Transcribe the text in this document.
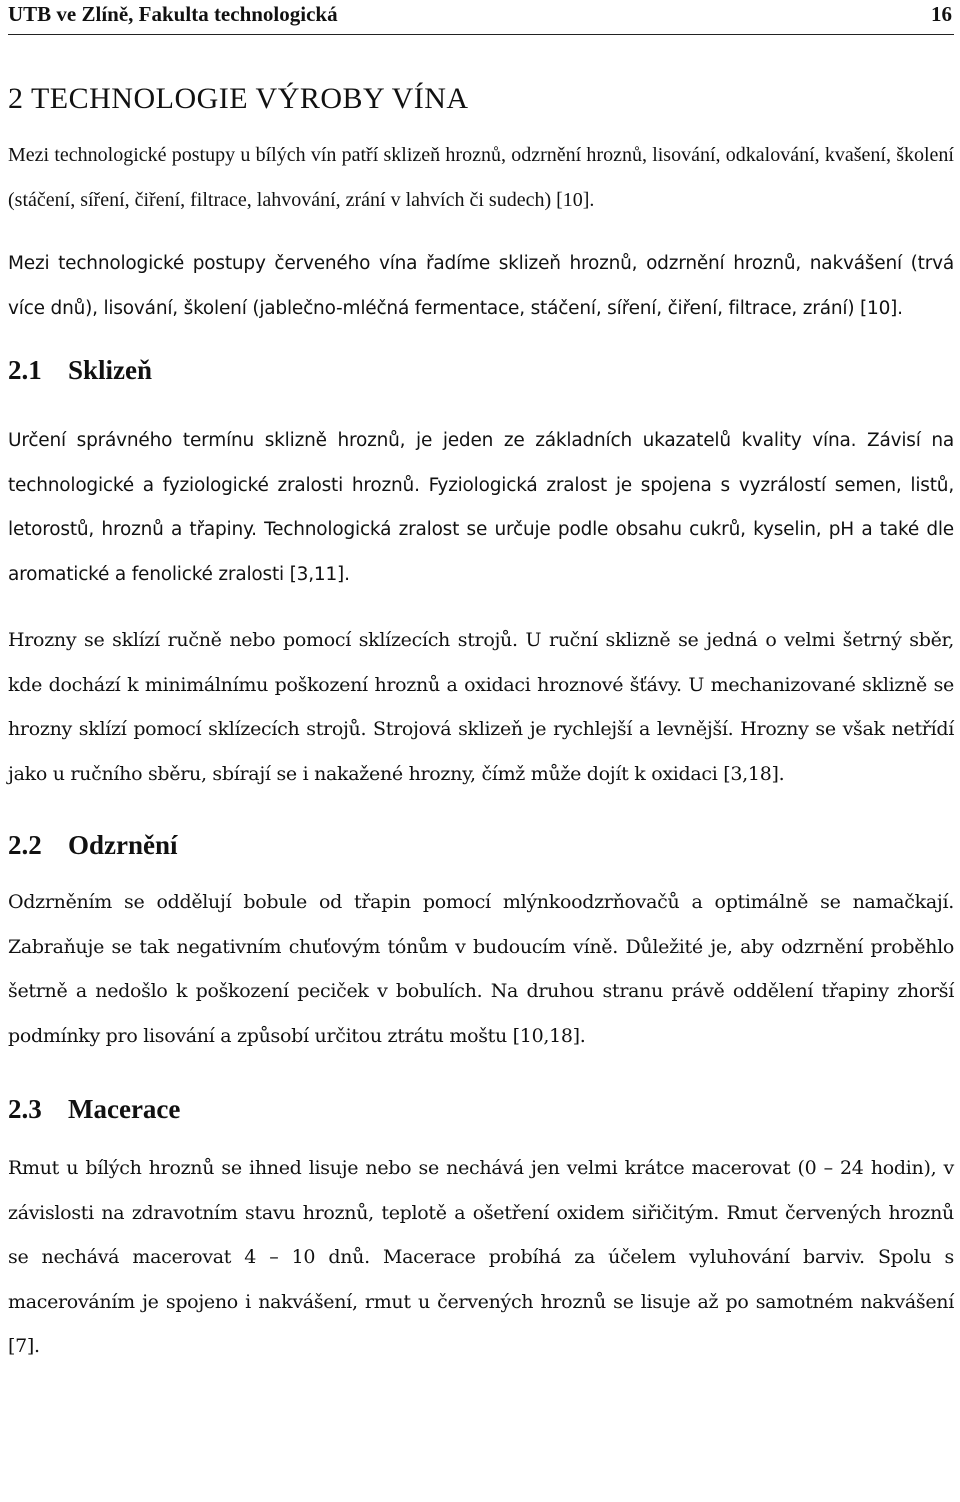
UTB ve Zlíně, Fakultа technologická	16
2 TECHNOLOGIE VÝROBY VÍNA

Mezi technologické postupy u bílých vín patří sklizeň hroznů, odzrnění hroznů, lisování, odkalování, kvašení, školení (stáčení, síření, čiření, filtrace, lahvování, zrání v lahvích či sudech) [10].

Mezi technologické postupy červeného vína řadíme sklizeň hroznů, odzrnění hroznů, nakvášení (trvá více dnů), lisování, školení (jablečno-mléčná fermentace, stáčení, síření, čiření, filtrace, zrání) [10].

2.1 Sklizeň

Určení správného termínu sklizně hroznů, je jeden ze základních ukazatelů kvality vína. Závisí na technologické a fyziologické zralosti hroznů. Fyziologická zralost je spojena s vyzrálostí semen, listů, letorostů, hroznů a třapiny. Technologická zralost se určuje podle obsahu cukrů, kyselin, pH a také dle aromatické a fenolické zralosti [3,11].

Hrozny se sklízí ručně nebo pomocí sklízecích strojů. U ruční sklizně se jedná o velmi šetrný sběr, kde dochází k minimálnímu poškození hroznů a oxidaci hroznové šťávy. U mechanizované sklizně se hrozny sklízí pomocí sklízecích strojů. Strojová sklizeň je rychlejší a levnější. Hrozny se však netřídí jako u ručního sběru, sbírají se i nakažené hrozny, čímž může dojít k oxidaci [3,18].

2.2 Odzrnění

Odzrněním se oddělují bobule od třapin pomocí mlýnkoodzrňovačů a optimálně se namačkají. Zabraňuje se tak negativním chuťovým tónům v budoucím víně. Důležité je, aby odzrnění proběhlo šetrně a nedošlo k poškození peciček v bobulích. Na druhou stranu právě oddělení třapiny zhorší podmínky pro lisování a způsobí určitou ztrátu moštu [10,18].

2.3 Macerace

Rmut u bílých hroznů se ihned lisuje nebo se nechává jen velmi krátce macerovat (0 – 24 hodin), v závislosti na zdravotním stavu hroznů, teplotě a ošetření oxidem siřičitým. Rmut červených hroznů se nechává macerovat 4 – 10 dnů. Macerace probíhá za účelem vyluhování barviv. Spolu s macerováním je spojeno i nakvášení, rmut u červených hroznů se lisuje až po samotném nakvášení [7].
